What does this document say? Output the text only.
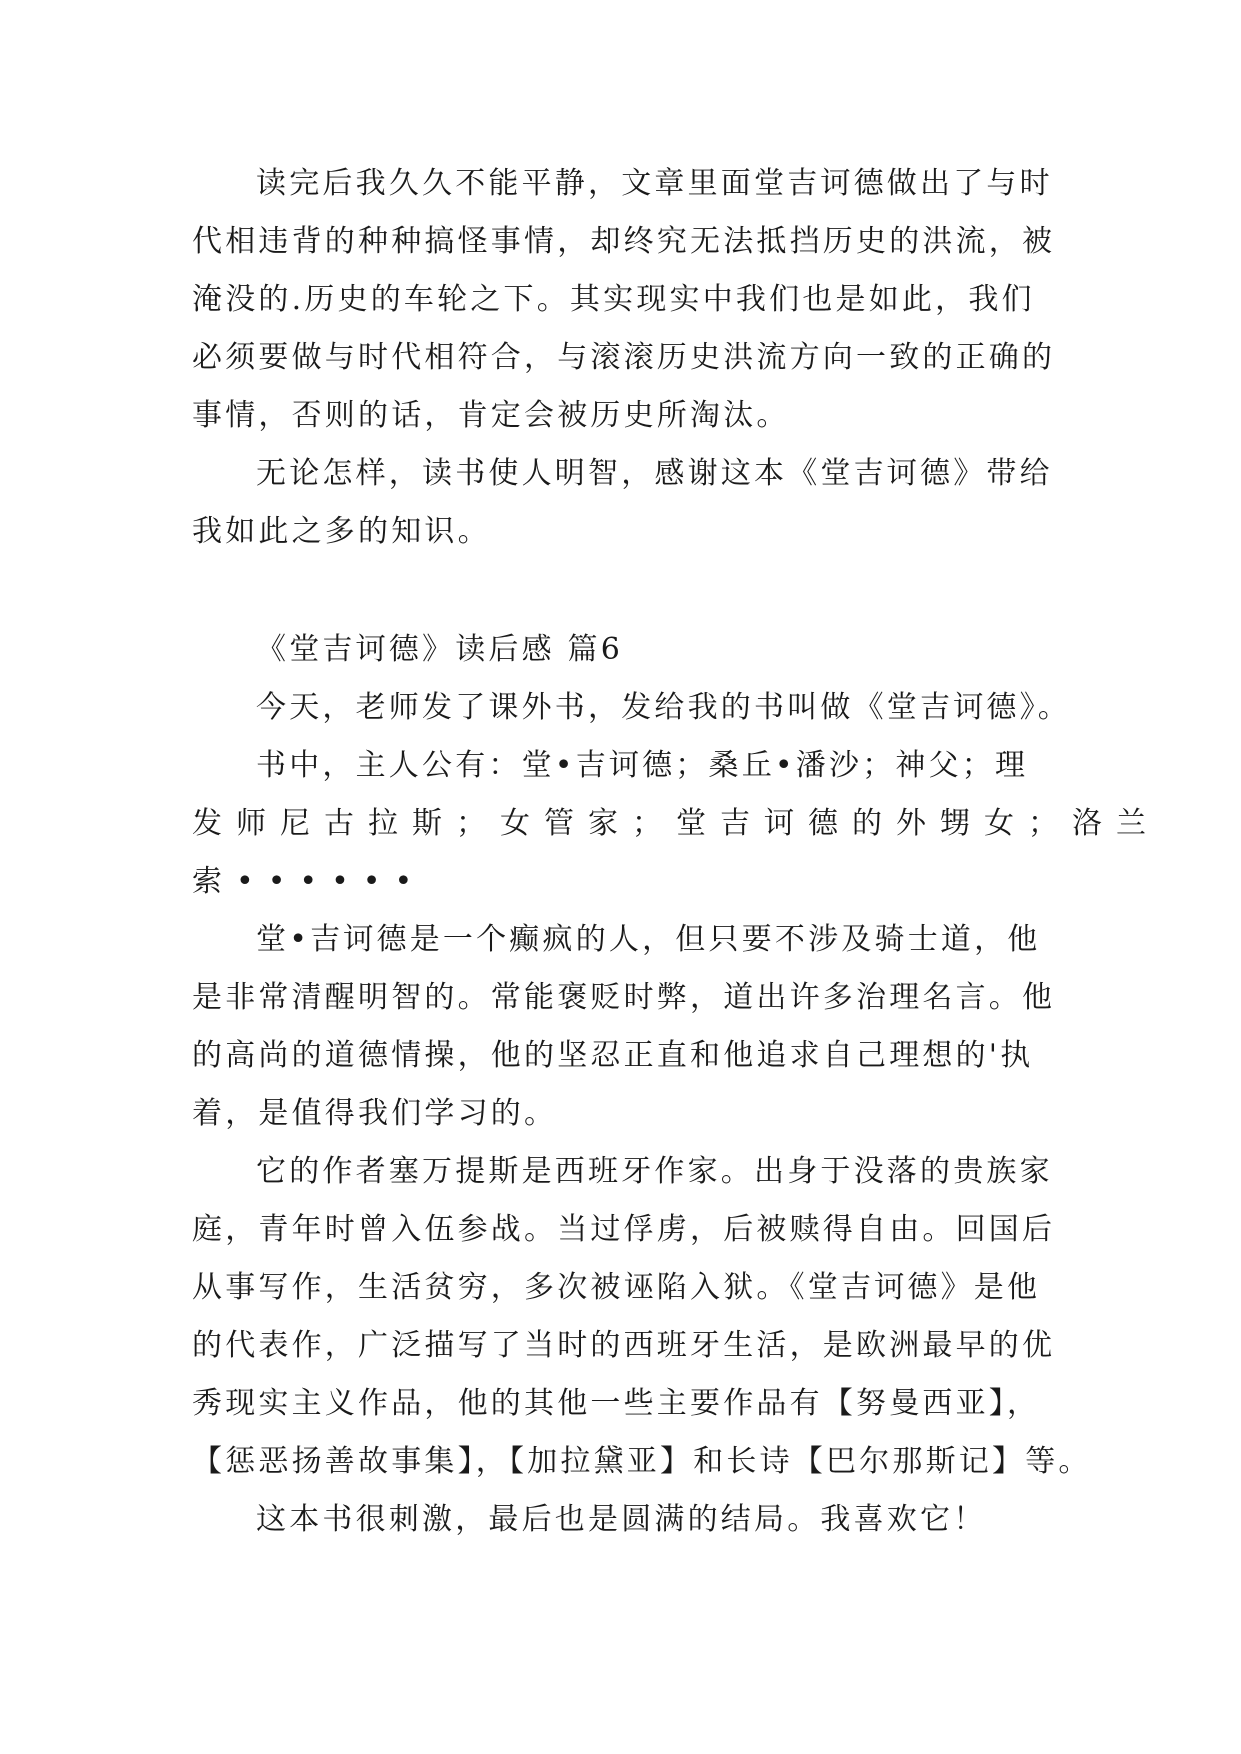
读完后我久久不能平静，文章里面堂吉诃德做出了与时
代相违背的种种搞怪事情，却终究无法抵挡历史的洪流，被
淹没的.历史的车轮之下。其实现实中我们也是如此，我们
必须要做与时代相符合，与滚滚历史洪流方向一致的正确的
事情，否则的话，肯定会被历史所淘汰。
无论怎样，读书使人明智，感谢这本《堂吉诃德》带给
我如此之多的知识。
《堂吉诃德》读后感 篇6
今天，老师发了课外书，发给我的书叫做《堂吉诃德》。
书中，主人公有：堂•吉诃德；桑丘•潘沙；神父；理
发师尼古拉斯；女管家；堂吉诃德的外甥女；洛兰
索••••••
堂•吉诃德是一个癫疯的人，但只要不涉及骑士道，他
是非常清醒明智的。常能褒贬时弊，道出许多治理名言。他
的高尚的道德情操，他的坚忍正直和他追求自己理想的'执
着，是值得我们学习的。
它的作者塞万提斯是西班牙作家。出身于没落的贵族家
庭，青年时曾入伍参战。当过俘虏，后被赎得自由。回国后
从事写作，生活贫穷，多次被诬陷入狱。《堂吉诃德》是他
的代表作，广泛描写了当时的西班牙生活，是欧洲最早的优
秀现实主义作品，他的其他一些主要作品有【努曼西亚】，
【惩恶扬善故事集】，【加拉黛亚】和长诗【巴尔那斯记】等。
这本书很刺激，最后也是圆满的结局。我喜欢它！
